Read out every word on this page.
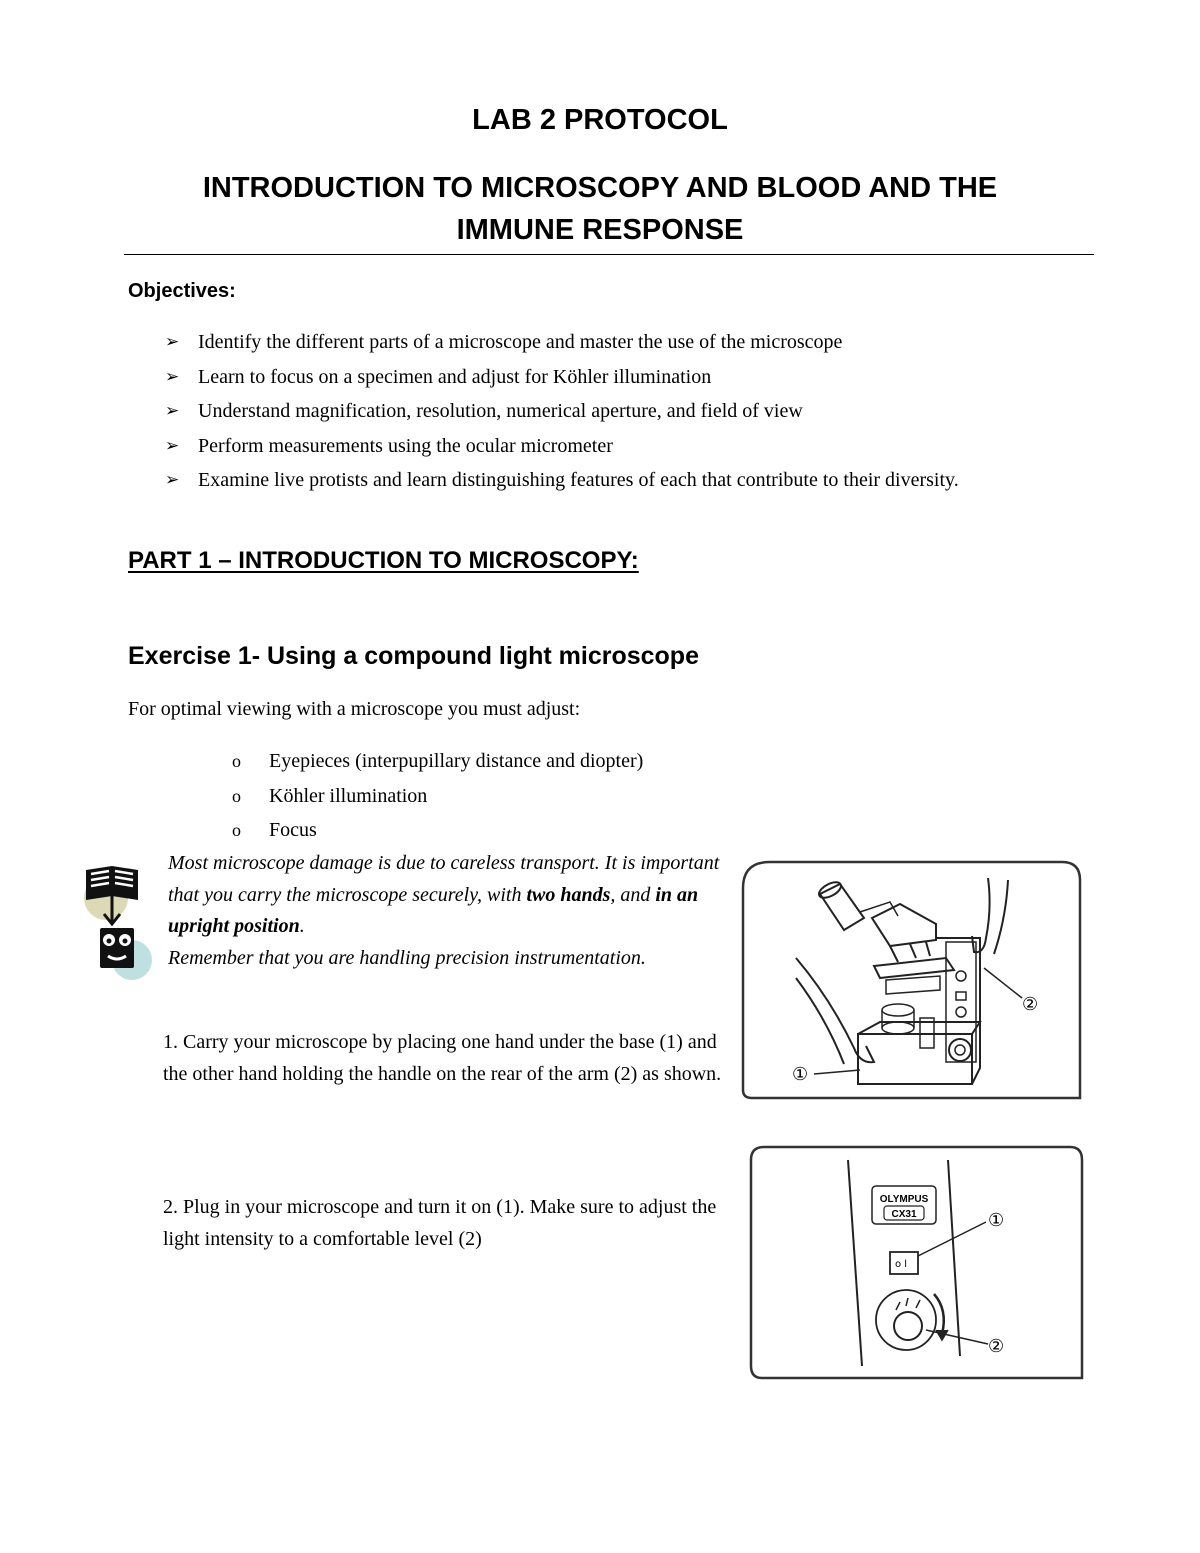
LAB 2 PROTOCOL
INTRODUCTION TO MICROSCOPY AND BLOOD AND THE
IMMUNE RESPONSE
Objectives:
➢ Identify the different parts of a microscope and master the use of the microscope
➢ Learn to focus on a specimen and adjust for Köhler illumination
➢ Understand magnification, resolution, numerical aperture, and field of view
➢ Perform measurements using the ocular micrometer
➢ Examine live protists and learn distinguishing features of each that contribute to their diversity.
PART 1 – INTRODUCTION TO MICROSCOPY:
Exercise 1- Using a compound light microscope
For optimal viewing with a microscope you must adjust:
o Eyepieces (interpupillary distance and diopter)
o Köhler illumination
o Focus
Most microscope damage is due to careless transport. It is important that you carry the microscope securely, with two hands, and in an upright position.
Remember that you are handling precision instrumentation.
1. Carry your microscope by placing one hand under the base (1) and the other hand holding the handle on the rear of the arm (2) as shown.
2. Plug in your microscope and turn it on (1). Make sure to adjust the light intensity to a comfortable level (2)
①
②
OLYMPUS
CX31
o l
①
②
